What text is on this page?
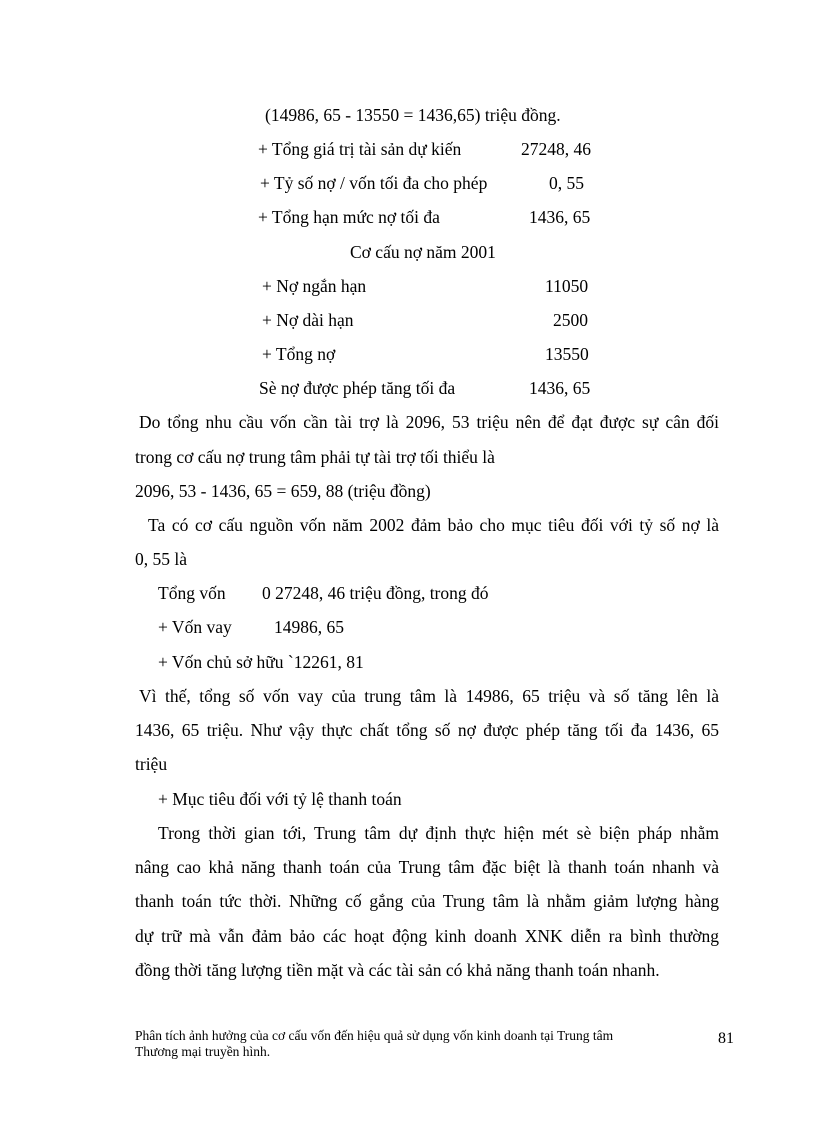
(14986, 65 - 13550 = 1436,65) triệu đồng.
+ Tổng giá trị tài sản dự kiến	27248, 46
+ Tỷ số nợ / vốn tối đa cho phép	0, 55
+ Tổng hạn mức nợ tối đa	1436, 65
Cơ cấu nợ năm 2001
+ Nợ ngắn hạn	11050
+ Nợ dài hạn	2500
+ Tổng nợ	13550
Sè nợ được phép tăng tối đa	1436, 65
Do tổng nhu cầu vốn cần tài trợ là 2096, 53 triệu nên để đạt được sự cân đối
trong cơ cấu nợ trung tâm phải tự tài trợ tối thiểu là
2096, 53 - 1436, 65 = 659, 88 (triệu đồng)
Ta có cơ cấu nguồn vốn năm 2002 đảm bảo cho mục tiêu đối với tỷ số nợ là
0, 55 là
Tổng vốn 0 27248, 46 triệu đồng, trong đó
+ Vốn vay 14986, 65
+ Vốn chủ sở hữu `12261, 81
Vì thế, tổng số vốn vay của trung tâm là 14986, 65 triệu và số tăng lên là
1436, 65 triệu. Như vậy thực chất tổng số nợ được phép tăng tối đa 1436, 65
triệu
+ Mục tiêu đối với tỷ lệ thanh toán
Trong thời gian tới, Trung tâm dự định thực hiện mét sè biện pháp nhằm
nâng cao khả năng thanh toán của Trung tâm đặc biệt là thanh toán nhanh và
thanh toán tức thời. Những cố gắng của Trung tâm là nhằm giảm lượng hàng
dự trữ mà vẫn đảm bảo các hoạt động kinh doanh XNK diễn ra bình thường
đồng thời tăng lượng tiền mặt và các tài sản có khả năng thanh toán nhanh.
Phân tích ảnh hưởng của cơ cấu vốn đến hiệu quả sử dụng vốn kinh doanh tại Trung tâm
Thương mại truyền hình.
81
